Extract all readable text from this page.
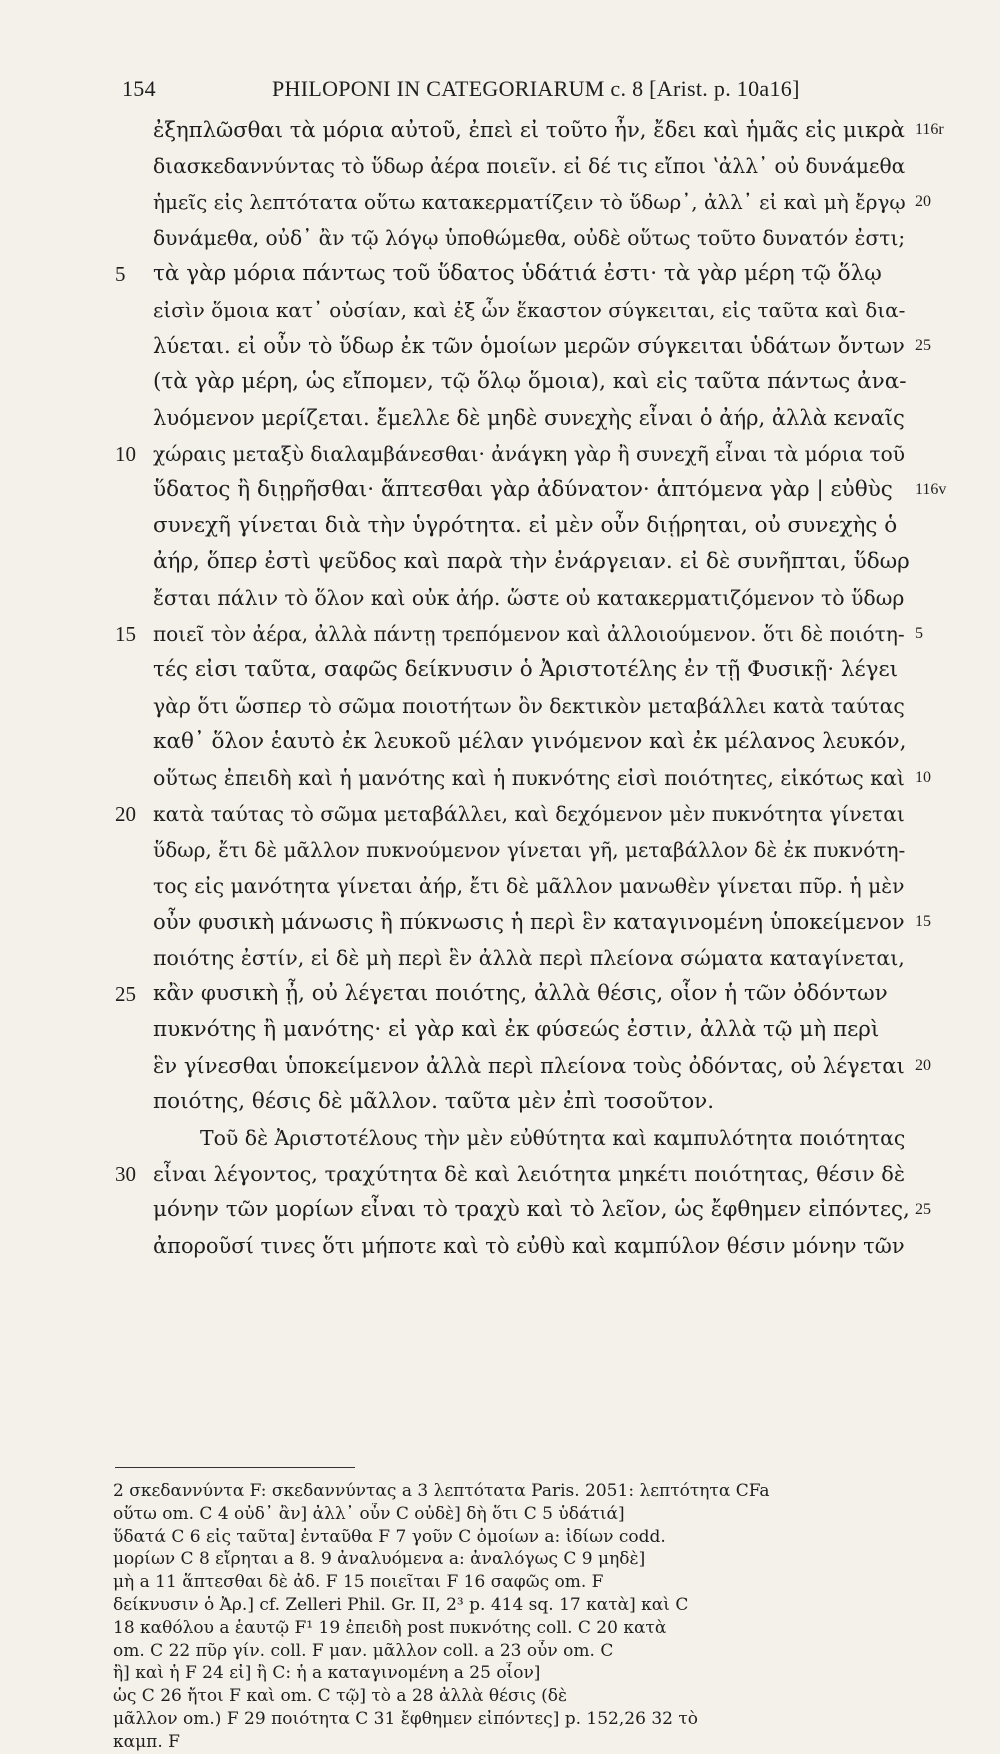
154	PHILOPONI IN CATEGORIARUM c. 8 [Arist. p. 10a16]
ἐξηπλῶσθαι τὰ μόρια αὐτοῦ, ἐπεὶ εἰ τοῦτο ἦν, ἔδει καὶ ἡμᾶς εἰς μικρὰ 116r
διασκεδαννύντας τὸ ὕδωρ ἀέρα ποιεῖν. εἰ δέ τις εἴποι ʽἀλλ᾽ οὐ δυνάμεθα
ἡμεῖς εἰς λεπτότατα οὕτω κατακερματίζειν τὸ ὕδωρ᾽, ἀλλ᾽ εἰ καὶ μὴ ἔργῳ 20
δυνάμεθα, οὐδ᾽ ἂν τῷ λόγῳ ὑποθώμεθα, οὐδὲ οὕτως τοῦτο δυνατόν ἐστι;
5	τὰ γὰρ μόρια πάντως τοῦ ὕδατος ὑδάτιά ἐστι· τὰ γὰρ μέρη τῷ ὅλῳ
εἰσὶν ὅμοια κατ᾽ οὐσίαν, καὶ ἐξ ὧν ἕκαστον σύγκειται, εἰς ταῦτα καὶ δια-
λύεται. εἰ οὖν τὸ ὕδωρ ἐκ τῶν ὁμοίων μερῶν σύγκειται ὑδάτων ὄντων 25
(τὰ γὰρ μέρη, ὡς εἴπομεν, τῷ ὅλῳ ὅμοια), καὶ εἰς ταῦτα πάντως ἀνα-
λυόμενον μερίζεται. ἔμελλε δὲ μηδὲ συνεχὴς εἶναι ὁ ἀήρ, ἀλλὰ κεναῖς
10 χώραις μεταξὺ διαλαμβάνεσθαι· ἀνάγκη γὰρ ἢ συνεχῆ εἶναι τὰ μόρια τοῦ
ὕδατος ἢ διῃρῆσθαι· ἅπτεσθαι γὰρ ἀδύνατον· ἁπτόμενα γὰρ | εὐθὺς	116v
συνεχῆ γίνεται διὰ τὴν ὑγρότητα. εἰ μὲν οὖν διῄρηται, οὐ συνεχὴς ὁ
ἀήρ, ὅπερ ἐστὶ ψεῦδος καὶ παρὰ τὴν ἐνάργειαν. εἰ δὲ συνῆπται, ὕδωρ
ἔσται πάλιν τὸ ὅλον καὶ οὐκ ἀήρ. ὥστε οὐ κατακερματιζόμενον τὸ ὕδωρ
15 ποιεῖ τὸν ἀέρα, ἀλλὰ πάντῃ τρεπόμενον καὶ ἀλλοιούμενον. ὅτι δὲ ποιότη- 5
τές εἰσι ταῦτα, σαφῶς δείκνυσιν ὁ Ἀριστοτέλης ἐν τῇ Φυσικῇ· λέγει
γὰρ ὅτι ὥσπερ τὸ σῶμα ποιοτήτων ὂν δεκτικὸν μεταβάλλει κατὰ ταύτας
καθ᾽ ὅλον ἑαυτὸ ἐκ λευκοῦ μέλαν γινόμενον καὶ ἐκ μέλανος λευκόν,
οὕτως ἐπειδὴ καὶ ἡ μανότης καὶ ἡ πυκνότης εἰσὶ ποιότητες, εἰκότως καὶ 10
20 κατὰ ταύτας τὸ σῶμα μεταβάλλει, καὶ δεχόμενον μὲν πυκνότητα γίνεται
ὕδωρ, ἔτι δὲ μᾶλλον πυκνούμενον γίνεται γῆ, μεταβάλλον δὲ ἐκ πυκνότη-
τος εἰς μανότητα γίνεται ἀήρ, ἔτι δὲ μᾶλλον μανωθὲν γίνεται πῦρ. ἡ μὲν
οὖν φυσικὴ μάνωσις ἢ πύκνωσις ἡ περὶ ἓν καταγινομένη ὑποκείμενον 15
ποιότης ἐστίν, εἰ δὲ μὴ περὶ ἓν ἀλλὰ περὶ πλείονα σώματα καταγίνεται,
25 κἂν φυσικὴ ᾖ, οὐ λέγεται ποιότης, ἀλλὰ θέσις, οἷον ἡ τῶν ὀδόντων
πυκνότης ἢ μανότης· εἰ γὰρ καὶ ἐκ φύσεώς ἐστιν, ἀλλὰ τῷ μὴ περὶ
ἓν γίνεσθαι ὑποκείμενον ἀλλὰ περὶ πλείονα τοὺς ὀδόντας, οὐ λέγεται 20
ποιότης, θέσις δὲ μᾶλλον. ταῦτα μὲν ἐπὶ τοσοῦτον.
Τοῦ δὲ Ἀριστοτέλους τὴν μὲν εὐθύτητα καὶ καμπυλότητα ποιότητας
30 εἶναι λέγοντος, τραχύτητα δὲ καὶ λειότητα μηκέτι ποιότητας, θέσιν δὲ
μόνην τῶν μορίων εἶναι τὸ τραχὺ καὶ τὸ λεῖον, ὡς ἔφθημεν εἰπόντες, 25
ἀποροῦσί τινες ὅτι μήποτε καὶ τὸ εὐθὺ καὶ καμπύλον θέσιν μόνην τῶν
2 σκεδαννύντα F: σκεδαννύντας a 3 λεπτότατα Paris. 2051: λεπτότητα CFa
οὕτω om. C 4 οὐδ᾽ ἂν] ἀλλ᾽ οὖν C οὐδὲ] δὴ ὅτι C 5 ὑδάτιά]
ὕδατά C 6 εἰς ταῦτα] ἐνταῦθα F 7 γοῦν C ὁμοίων a: ἰδίων codd.
μορίων C 8 εἴρηται a 8. 9 ἀναλυόμενα a: ἀναλόγως C 9 μηδὲ]
μὴ a 11 ἅπτεσθαι δὲ ἀδ. F 15 ποιεῖται F 16 σαφῶς om. F
δείκνυσιν ὁ Ἀρ.] cf. Zelleri Phil. Gr. II, 2³ p. 414 sq. 17 κατὰ] καὶ C
18 καθόλου a ἑαυτῷ F¹ 19 ἐπειδὴ post πυκνότης coll. C 20 κατὰ
om. C 22 πῦρ γίν. coll. F μαν. μᾶλλον coll. a 23 οὖν om. C
ἢ] καὶ ἡ F 24 εἰ] ἢ C: ἡ a καταγινομένη a 25 οἷον]
ὡς C 26 ἤτοι F καὶ om. C τῷ] τὸ a 28 ἀλλὰ θέσις (δὲ
μᾶλλον om.) F 29 ποιότητα C 31 ἔφθημεν εἰπόντες] p. 152,26 32 τὸ
καμπ. F
